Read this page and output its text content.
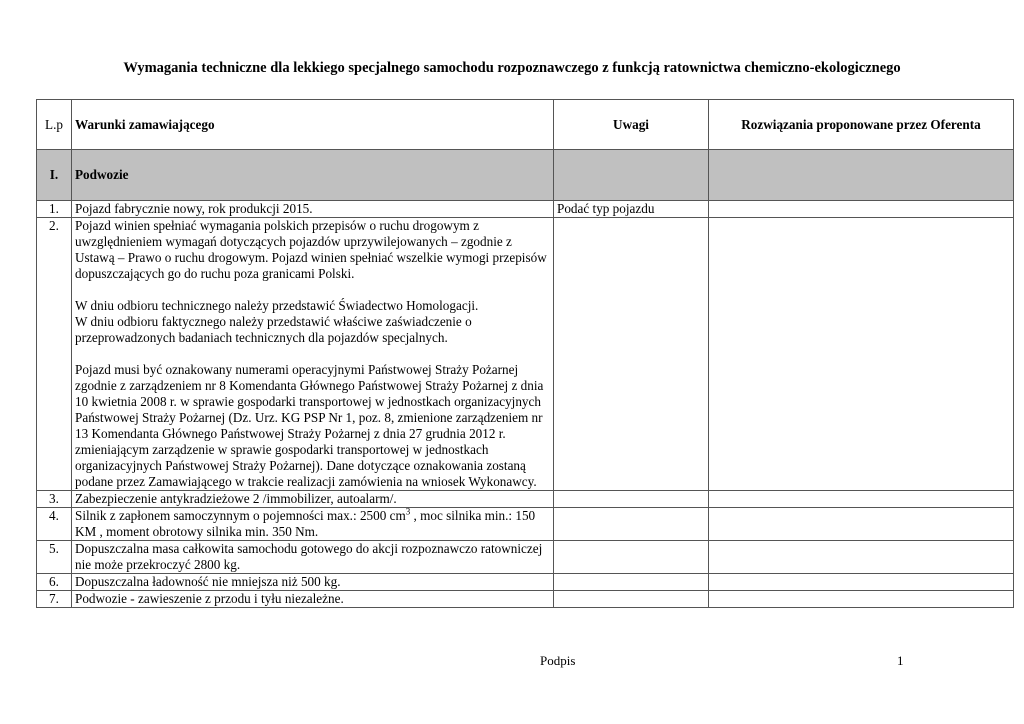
Wymagania techniczne dla lekkiego specjalnego samochodu rozpoznawczego z funkcją ratownictwa chemiczno-ekologicznego
L.p	Warunki zamawiającego	Uwagi	Rozwiązania proponowane przez Oferenta
I.	Podwozie		
1.	Pojazd fabrycznie nowy, rok produkcji 2015.	Podać typ pojazdu	
2.	Pojazd winien spełniać wymagania polskich przepisów o ruchu drogowym z uwzględnieniem wymagań dotyczących pojazdów uprzywilejowanych – zgodnie z Ustawą – Prawo o ruchu drogowym. Pojazd winien spełniać wszelkie wymogi przepisów dopuszczających go do ruchu poza granicami Polski.

W dniu odbioru technicznego należy przedstawić Świadectwo Homologacji.

W dniu odbioru faktycznego należy przedstawić właściwe zaświadczenie o przeprowadzonych badaniach technicznych dla pojazdów specjalnych.

Pojazd musi być oznakowany numerami operacyjnymi Państwowej Straży Pożarnej zgodnie z zarządzeniem nr 8 Komendanta Głównego Państwowej Straży Pożarnej z dnia 10 kwietnia 2008 r. w sprawie gospodarki transportowej w jednostkach organizacyjnych Państwowej Straży Pożarnej (Dz. Urz. KG PSP Nr 1, poz. 8, zmienione zarządzeniem nr 13 Komendanta Głównego Państwowej Straży Pożarnej z dnia 27 grudnia 2012 r. zmieniającym zarządzenie w sprawie gospodarki transportowej w jednostkach organizacyjnych Państwowej Straży Pożarnej). Dane dotyczące oznakowania zostaną podane przez Zamawiającego w trakcie realizacji zamówienia na wniosek Wykonawcy.		

3.	Zabezpieczenie antykradzieżowe 2 /immobilizer, autoalarm/.		
4.	Silnik z zapłonem samoczynnym o pojemności max.: 2500 $cm^3$ , moc silnika min.: 150 KM , moment obrotowy silnika min. 350 Nm.		
5.	Dopuszczalna masa całkowita samochodu gotowego do akcji rozpoznawczo ratowniczej nie może przekroczyć 2800 kg.		
6.	Dopuszczalna ładowność nie mniejsza niż 500 kg.		
7.	Podwozie - zawieszenie z przodu i tyłu niezależne.		
Podpis	1
